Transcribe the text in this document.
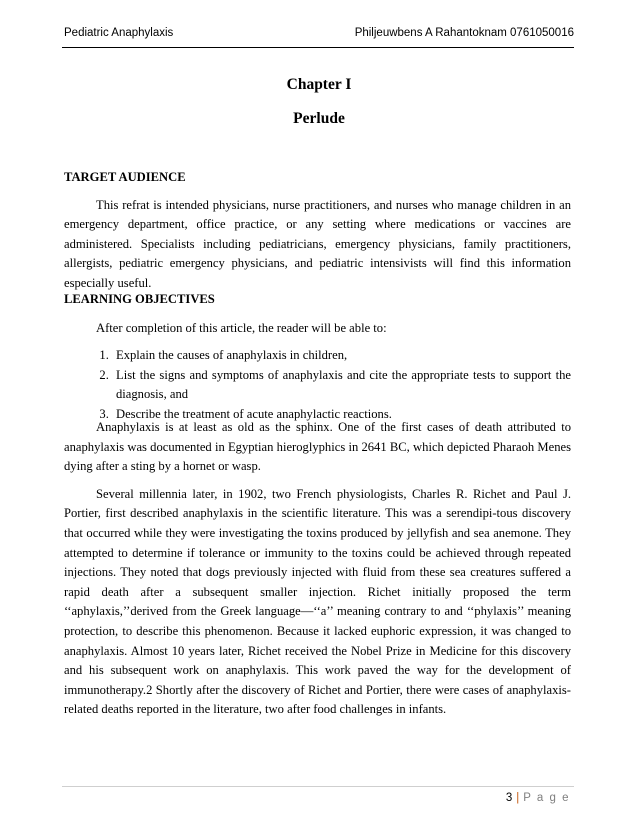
Pediatric Anaphylaxis	Philjeuwbens A Rahantoknam 0761050016
Chapter I
Perlude
TARGET AUDIENCE

This refrat is intended physicians, nurse practitioners, and nurses who manage children in an emergency department, office practice, or any setting where medications or vaccines are administered. Specialists including pediatricians, emergency physicians, family practitioners, allergists, pediatric emergency physicians, and pediatric intensivists will find this information especially useful.

LEARNING OBJECTIVES

After completion of this article, the reader will be able to:

1. Explain the causes of anaphylaxis in children,
2. List the signs and symptoms of anaphylaxis and cite the appropriate tests to support the diagnosis, and
3. Describe the treatment of acute anaphylactic reactions.

Anaphylaxis is at least as old as the sphinx. One of the first cases of death attributed to anaphylaxis was documented in Egyptian hieroglyphics in 2641 BC, which depicted Pharaoh Menes dying after a sting by a hornet or wasp.

Several millennia later, in 1902, two French physiologists, Charles R. Richet and Paul J. Portier, first described anaphylaxis in the scientific literature. This was a serendipi-tous discovery that occurred while they were investigating the toxins produced by jellyfish and sea anemone. They attempted to determine if tolerance or immunity to the toxins could be achieved through repeated injections. They noted that dogs previously injected with fluid from these sea creatures suffered a rapid death after a subsequent smaller injection. Richet initially proposed the term ‘‘aphylaxis,’’derived from the Greek language—‘‘a’’ meaning contrary to and ‘‘phylaxis’’ meaning protection, to describe this phenomenon. Because it lacked euphoric expression, it was changed to anaphylaxis. Almost 10 years later, Richet received the Nobel Prize in Medicine for this discovery and his subsequent work on anaphylaxis. This work paved the way for the development of immunotherapy.2 Shortly after the discovery of Richet and Portier, there were cases of anaphylaxis-related deaths reported in the literature, two after food challenges in infants.

3 | P a g e
